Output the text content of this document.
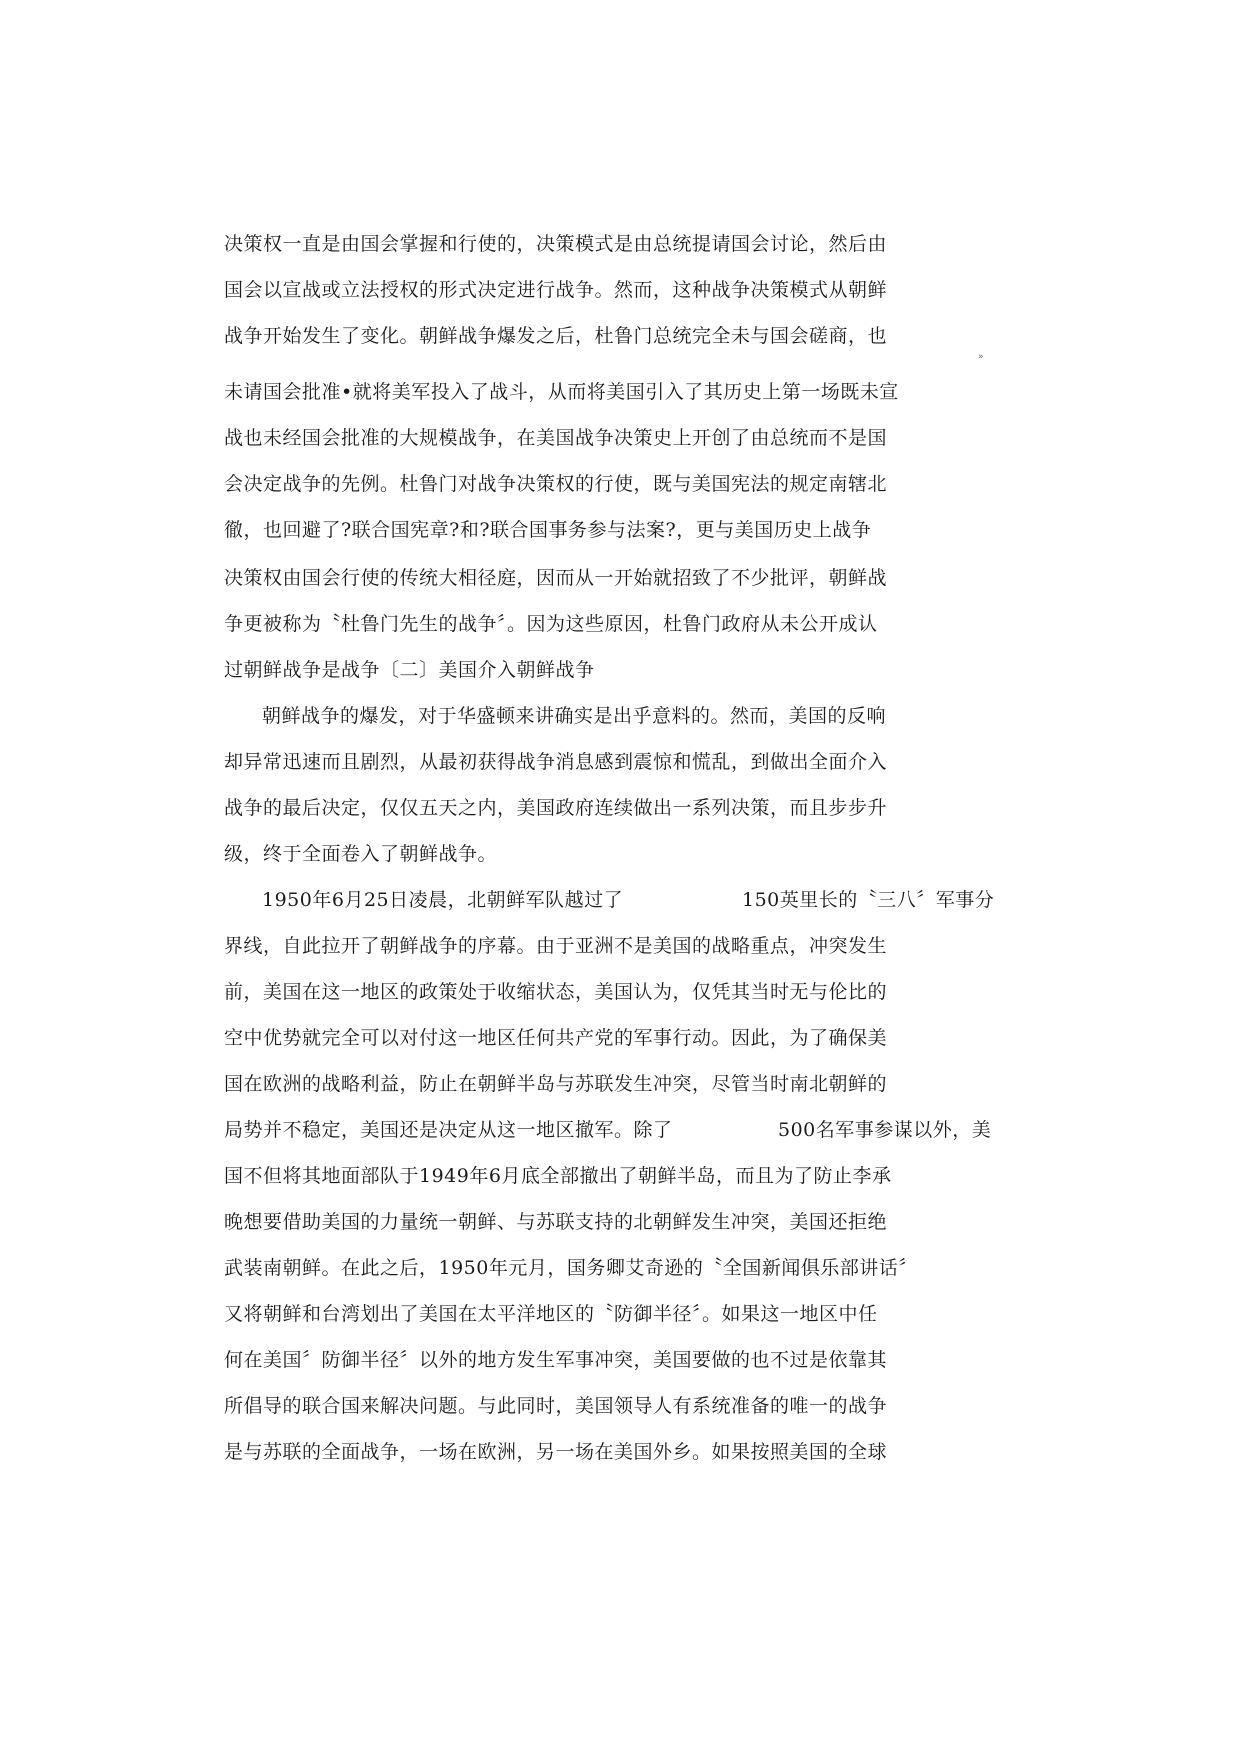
决策权一直是由国会掌握和行使的，决策模式是由总统提请国会讨论，然后由
国会以宣战或立法授权的形式决定进行战争。然而，这种战争决策模式从朝鲜
战争开始发生了变化。朝鲜战争爆发之后，杜鲁门总统完全未与国会磋商，也
»
未请国会批准•就将美军投入了战斗，从而将美国引入了其历史上第一场既未宣
战也未经国会批准的大规模战争，在美国战争决策史上开创了由总统而不是国
会决定战争的先例。杜鲁门对战争决策权的行使，既与美国宪法的规定南辖北
徹，也回避了?联合国宪章?和?联合国事务参与法案?，更与美国历史上战争
决策权由国会行使的传统大相径庭，因而从一开始就招致了不少批评，朝鲜战
争更被称为〝杜鲁门先生的战争〞。因为这些原因，杜鲁门政府从未公开成认
过朝鲜战争是战争〔二〕美国介入朝鲜战争
朝鲜战争的爆发，对于华盛顿来讲确实是出乎意料的。然而，美国的反响
却异常迅速而且剧烈，从最初获得战争消息感到震惊和慌乱，到做出全面介入
战争的最后决定，仅仅五天之内，美国政府连续做出一系列决策，而且步步升
级，终于全面卷入了朝鲜战争。
1950年6月25日凌晨，北朝鲜军队越过了	150英里长的〝三八〞军事分
界线，自此拉开了朝鲜战争的序幕。由于亚洲不是美国的战略重点，冲突发生
前，美国在这一地区的政策处于收缩状态，美国认为，仅凭其当时无与伦比的
空中优势就完全可以对付这一地区任何共产党的军事行动。因此，为了确保美
国在欧洲的战略利益，防止在朝鲜半岛与苏联发生冲突，尽管当时南北朝鲜的
局势并不稳定，美国还是决定从这一地区撤军。除了	500名军事参谋以外，美
国不但将其地面部队于1949年6月底全部撤出了朝鲜半岛，而且为了防止李承
晚想要借助美国的力量统一朝鲜、与苏联支持的北朝鲜发生冲突，美国还拒绝
武装南朝鲜。在此之后，1950年元月，国务卿艾奇逊的〝全国新闻俱乐部讲话〞
又将朝鲜和台湾划出了美国在太平洋地区的〝防御半径〞。如果这一地区中任
何在美国〞防御半径〞以外的地方发生军事冲突，美国要做的也不过是依靠其
所倡导的联合国来解决问题。与此同时，美国领导人有系统准备的唯一的战争
是与苏联的全面战争，一场在欧洲，另一场在美国外乡。如果按照美国的全球
